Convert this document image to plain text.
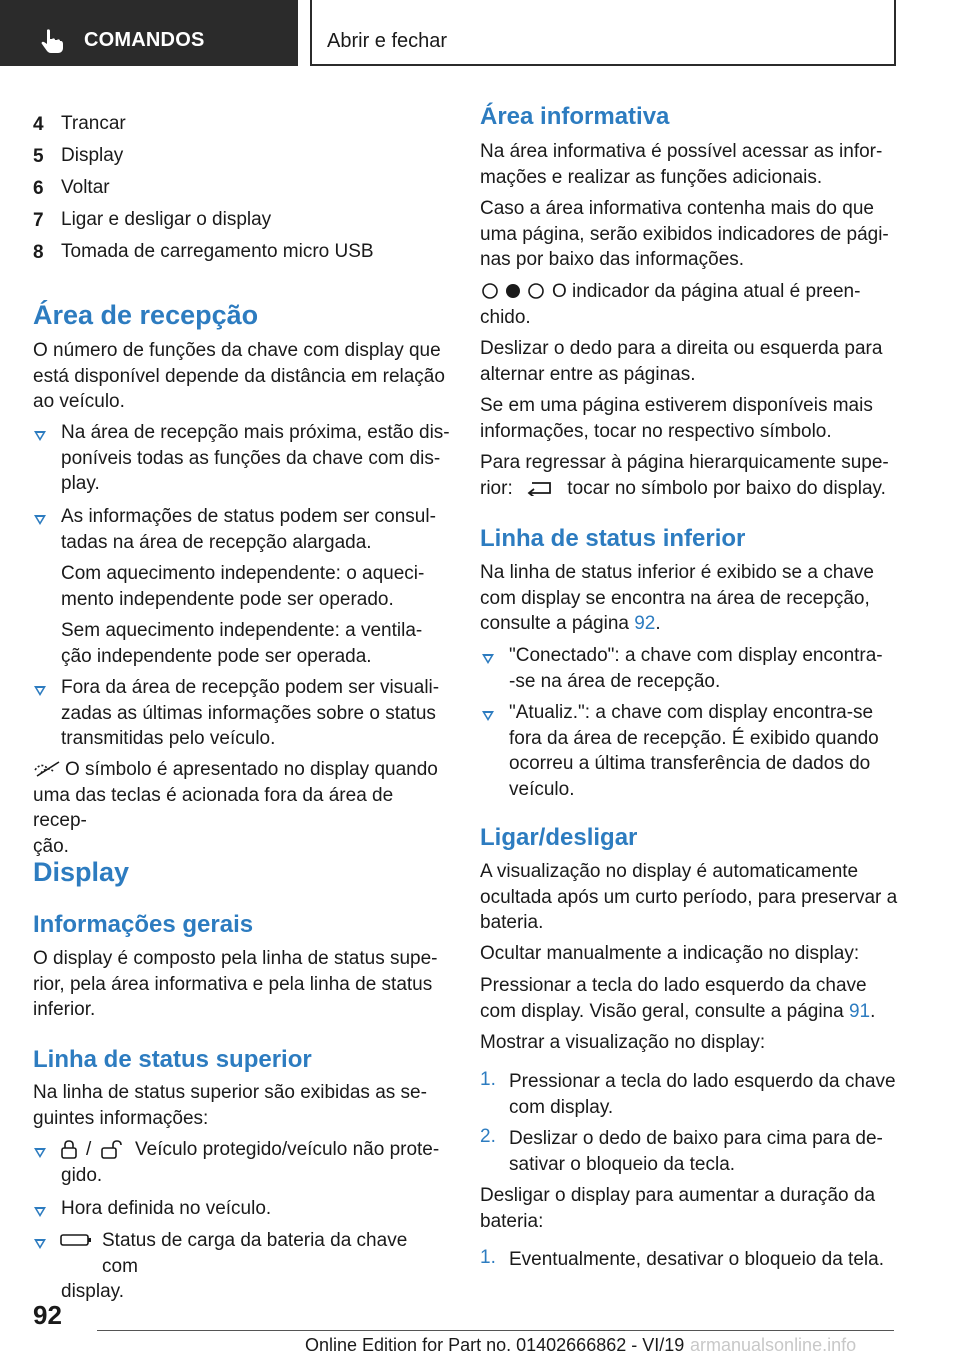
COMANDOS	Abrir e fechar
4 Trancar
5 Display
6 Voltar
7 Ligar e desligar o display
8 Tomada de carregamento micro USB
Área de recepção
O número de funções da chave com display que
está disponível depende da distância em relação
ao veículo.
Na área de recepção mais próxima, estão dis-
poníveis todas as funções da chave com dis-
play.
As informações de status podem ser consul-
tadas na área de recepção alargada.
Com aquecimento independente: o aqueci-
mento independente pode ser operado.
Sem aquecimento independente: a ventila-
ção independente pode ser operada.
Fora da área de recepção podem ser visuali-
zadas as últimas informações sobre o status
transmitidas pelo veículo.
O símbolo é apresentado no display quando
uma das teclas é acionada fora da área de recep-
ção.
Display
Informações gerais
O display é composto pela linha de status supe-
rior, pela área informativa e pela linha de status
inferior.
Linha de status superior
Na linha de status superior são exibidas as se-
guintes informações:
/	Veículo protegido/veículo não prote-
gido.
Hora definida no veículo.
Status de carga da bateria da chave com
display.
Área informativa
Na área informativa é possível acessar as infor-
mações e realizar as funções adicionais.
Caso a área informativa contenha mais do que
uma página, serão exibidos indicadores de pági-
nas por baixo das informações.
O indicador da página atual é preen-
chido.
Deslizar o dedo para a direita ou esquerda para
alternar entre as páginas.
Se em uma página estiverem disponíveis mais
informações, tocar no respectivo símbolo.
Para regressar à página hierarquicamente supe-
rior:	tocar no símbolo por baixo do display.
Linha de status inferior
Na linha de status inferior é exibido se a chave
com display se encontra na área de recepção,
consulte a página 92.
"Conectado": a chave com display encontra-
-se na área de recepção.
"Atualiz.": a chave com display encontra-se
fora da área de recepção. É exibido quando
ocorreu a última transferência de dados do
veículo.
Ligar/desligar
A visualização no display é automaticamente
ocultada após um curto período, para preservar a
bateria.
Ocultar manualmente a indicação no display:
Pressionar a tecla do lado esquerdo da chave
com display. Visão geral, consulte a página 91.
Mostrar a visualização no display:
1. Pressionar a tecla do lado esquerdo da chave
com display.
2. Deslizar o dedo de baixo para cima para de-
sativar o bloqueio da tecla.
Desligar o display para aumentar a duração da
bateria:
1. Eventualmente, desativar o bloqueio da tela.
92
Online Edition for Part no. 01402666862 - VI/19 armanualsonline.info
